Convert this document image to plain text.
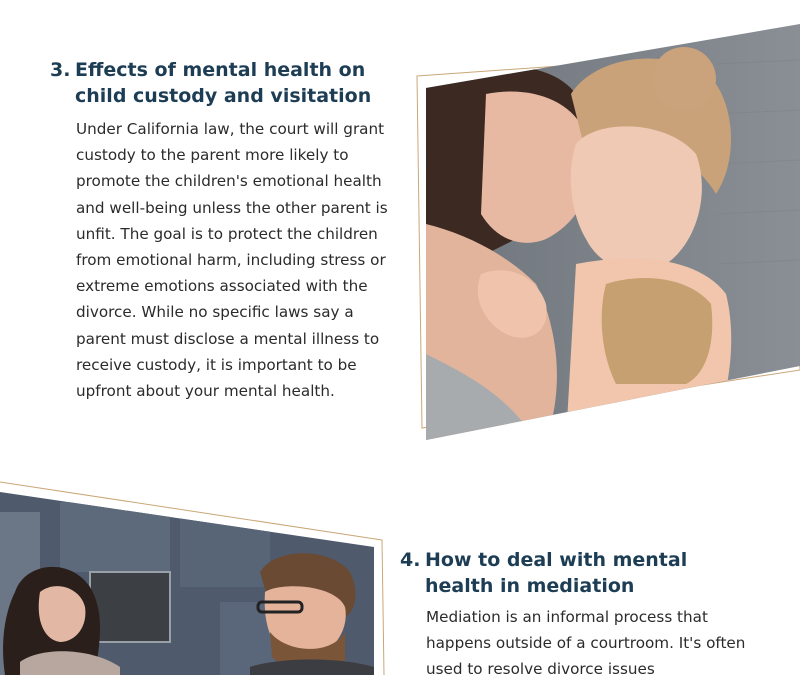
3. Effects of mental health on
child custody and visitation

Under California law, the court will grant custody to the parent more likely to promote the children's emotional health and well-being unless the other parent is unfit. The goal is to protect the children from emotional harm, including stress or extreme emotions associated with the divorce. While no specific laws say a parent must disclose a mental illness to receive custody, it is important to be upfront about your mental health.

4. How to deal with mental
health in mediation

Mediation is an informal process that happens outside of a courtroom. It's often used to resolve divorce issues
